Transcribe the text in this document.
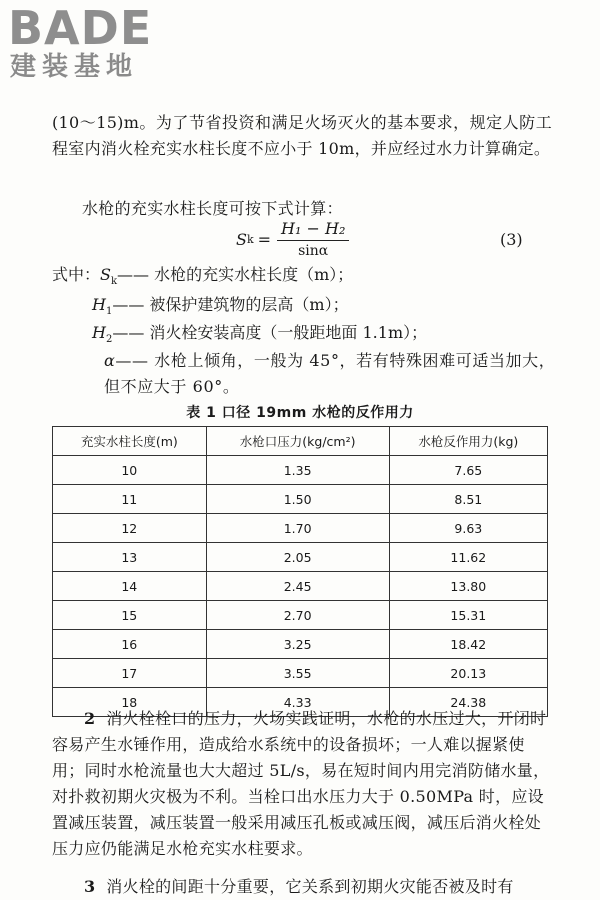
BADE
建装基地
(10～15)m。为了节省投资和满足火场灭火的基本要求，规定人防工程室内消火栓充实水柱长度不应小于 10m，并应经过水力计算确定。
水枪的充实水柱长度可按下式计算：
S $k = \frac{\text{H₁ − H₂}}{\sin\alpha}$	(3)
式中：$S_k——$ 水枪的充实水柱长度（m）；
$H_1——$ 被保护建筑物的层高（m）；
$H_2——$ 消火栓安装高度（一般距地面 1.1m）；
α—— 水枪上倾角，一般为 45°，若有特殊困难可适当加大，但不应大于 60°。
表 1 口径 19mm 水枪的反作用力
充实水柱长度(m)	水枪口压力(kg/cm²)	水枪反作用力(kg)
10	1.35	7.65
11	1.50	8.51
12	1.70	9.63
13	2.05	11.62
14	2.45	13.80
15	2.70	15.31
16	3.25	18.42
17	3.55	20.13
18	4.33	24.38
2 消火栓栓口的压力，火场实践证明，水枪的水压过大，开闭时容易产生水锤作用，造成给水系统中的设备损坏；一人难以握紧使用；同时水枪流量也大大超过 5L/s，易在短时间内用完消防储水量，对扑救初期火灾极为不利。当栓口出水压力大于 0.50MPa 时，应设置减压装置，减压装置一般采用减压孔板或减压阀，减压后消火栓处压力应仍能满足水枪充实水柱要求。
3 消火栓的间距十分重要，它关系到初期火灾能否被及时有
